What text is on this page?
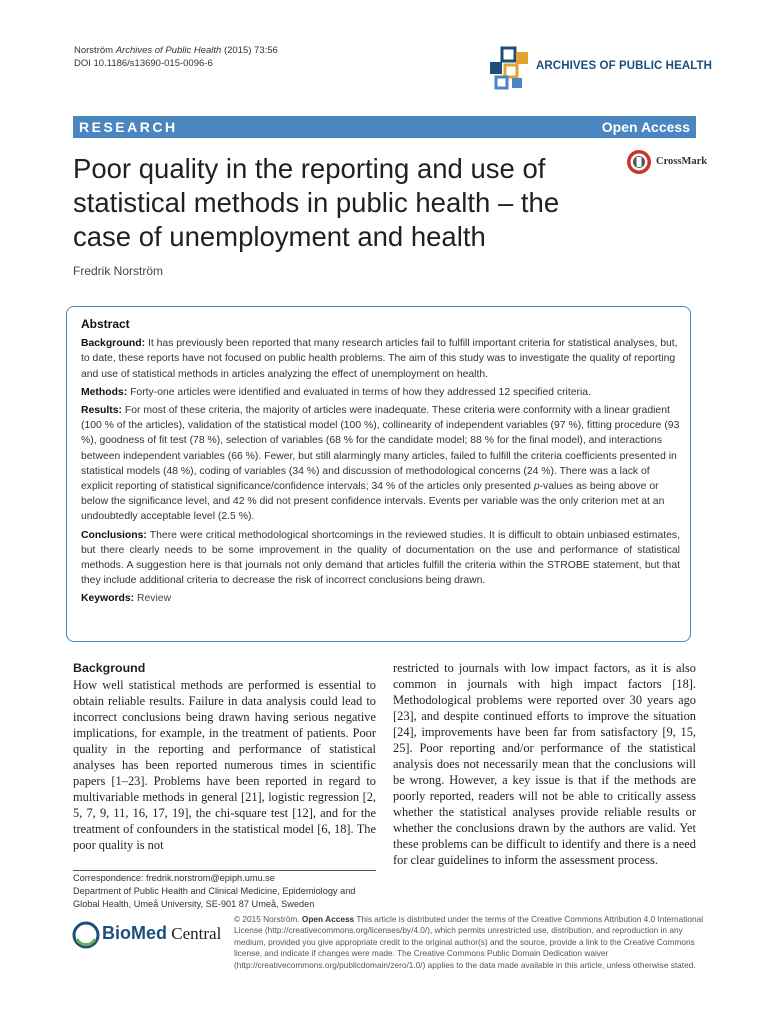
Norström Archives of Public Health (2015) 73:56
DOI 10.1186/s13690-015-0096-6	ARCHIVES OF PUBLIC HEALTH
RESEARCH	Open Access
Poor quality in the reporting and use of statistical methods in public health – the case of unemployment and health
CrossMark
Fredrik Norström
Abstract

Background: It has previously been reported that many research articles fail to fulfill important criteria for statistical analyses, but, to date, these reports have not focused on public health problems. The aim of this study was to investigate the quality of reporting and use of statistical methods in articles analyzing the effect of unemployment on health.

Methods: Forty-one articles were identified and evaluated in terms of how they addressed 12 specified criteria.

Results: For most of these criteria, the majority of articles were inadequate. These criteria were conformity with a linear gradient (100 % of the articles), validation of the statistical model (100 %), collinearity of independent variables (97 %), fitting procedure (93 %), goodness of fit test (78 %), selection of variables (68 % for the candidate model; 88 % for the final model), and interactions between independent variables (66 %). Fewer, but still alarmingly many articles, failed to fulfill the criteria coefficients presented in statistical models (48 %), coding of variables (34 %) and discussion of methodological concerns (24 %). There was a lack of explicit reporting of statistical significance/confidence intervals; 34 % of the articles only presented p-values as being above or below the significance level, and 42 % did not present confidence intervals. Events per variable was the only criterion met at an undoubtedly acceptable level (2.5 %).

Conclusions: There were critical methodological shortcomings in the reviewed studies. It is difficult to obtain unbiased estimates, but there clearly needs to be some improvement in the quality of documentation on the use and performance of statistical methods. A suggestion here is that journals not only demand that articles fulfill the criteria within the STROBE statement, but that they include additional criteria to decrease the risk of incorrect conclusions being drawn.

Keywords: Review

Background

How well statistical methods are performed is essential to obtain reliable results. Failure in data analysis could lead to incorrect conclusions being drawn having serious negative implications, for example, in the treatment of patients. Poor quality in the reporting and performance of statistical analyses has been reported numerous times in scientific papers [1–23]. Problems have been reported in regard to multivariable methods in general [21], logistic regression [2, 5, 7, 9, 11, 16, 17, 19], the chi-square test [12], and for the treatment of confounders in the statistical model [6, 18]. The poor quality is not

restricted to journals with low impact factors, as it is also common in journals with high impact factors [18]. Methodological problems were reported over 30 years ago [23], and despite continued efforts to improve the situation [24], improvements have been far from satisfactory [9, 15, 25]. Poor reporting and/or performance of the statistical analysis does not necessarily mean that the conclusions will be wrong. However, a key issue is that if the methods are poorly reported, readers will not be able to critically assess whether the statistical analyses provide reliable results or whether the conclusions drawn by the authors are valid. Yet these problems can be difficult to identify and there is a need for clear guidelines to inform the assessment process.

Correspondence: fredrik.norstrom@epiph.umu.se
Department of Public Health and Clinical Medicine, Epidemiology and Global Health, Umeå University, SE-901 87 Umeå, Sweden
BioMed Central
© 2015 Norström. Open Access This article is distributed under the terms of the Creative Commons Attribution 4.0 International License (http://creativecommons.org/licenses/by/4.0/), which permits unrestricted use, distribution, and reproduction in any medium, provided you give appropriate credit to the original author(s) and the source, provide a link to the Creative Commons license, and indicate if changes were made. The Creative Commons Public Domain Dedication waiver (http://creativecommons.org/publicdomain/zero/1.0/) applies to the data made available in this article, unless otherwise stated.
